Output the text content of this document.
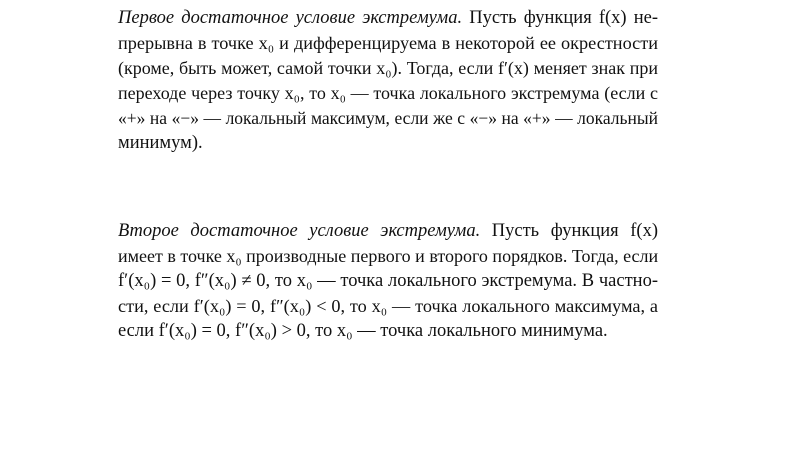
Первое достаточное условие экстремума. Пусть функция f(x) не-
прерывна в точке x₀ и дифференцируема в некоторой ее окрестности
(кроме, быть может, самой точки x₀). Тогда, если f′(x) меняет знак при
переходе через точку x₀, то x₀ — точка локального экстремума (если с
«+» на «−» — локальный максимум, если же с «−» на «+» — локальный
минимум).
Второе достаточное условие экстремума. Пусть функция f(x)
имеет в точке x₀ производные первого и второго порядков. Тогда, если
f′(x₀) = 0, f″(x₀) ≠ 0, то x₀ — точка локального экстремума. В частно-
сти, если f′(x₀) = 0, f″(x₀) < 0, то x₀ — точка локального максимума, а
если f′(x₀) = 0, f″(x₀) > 0, то x₀ — точка локального минимума.
